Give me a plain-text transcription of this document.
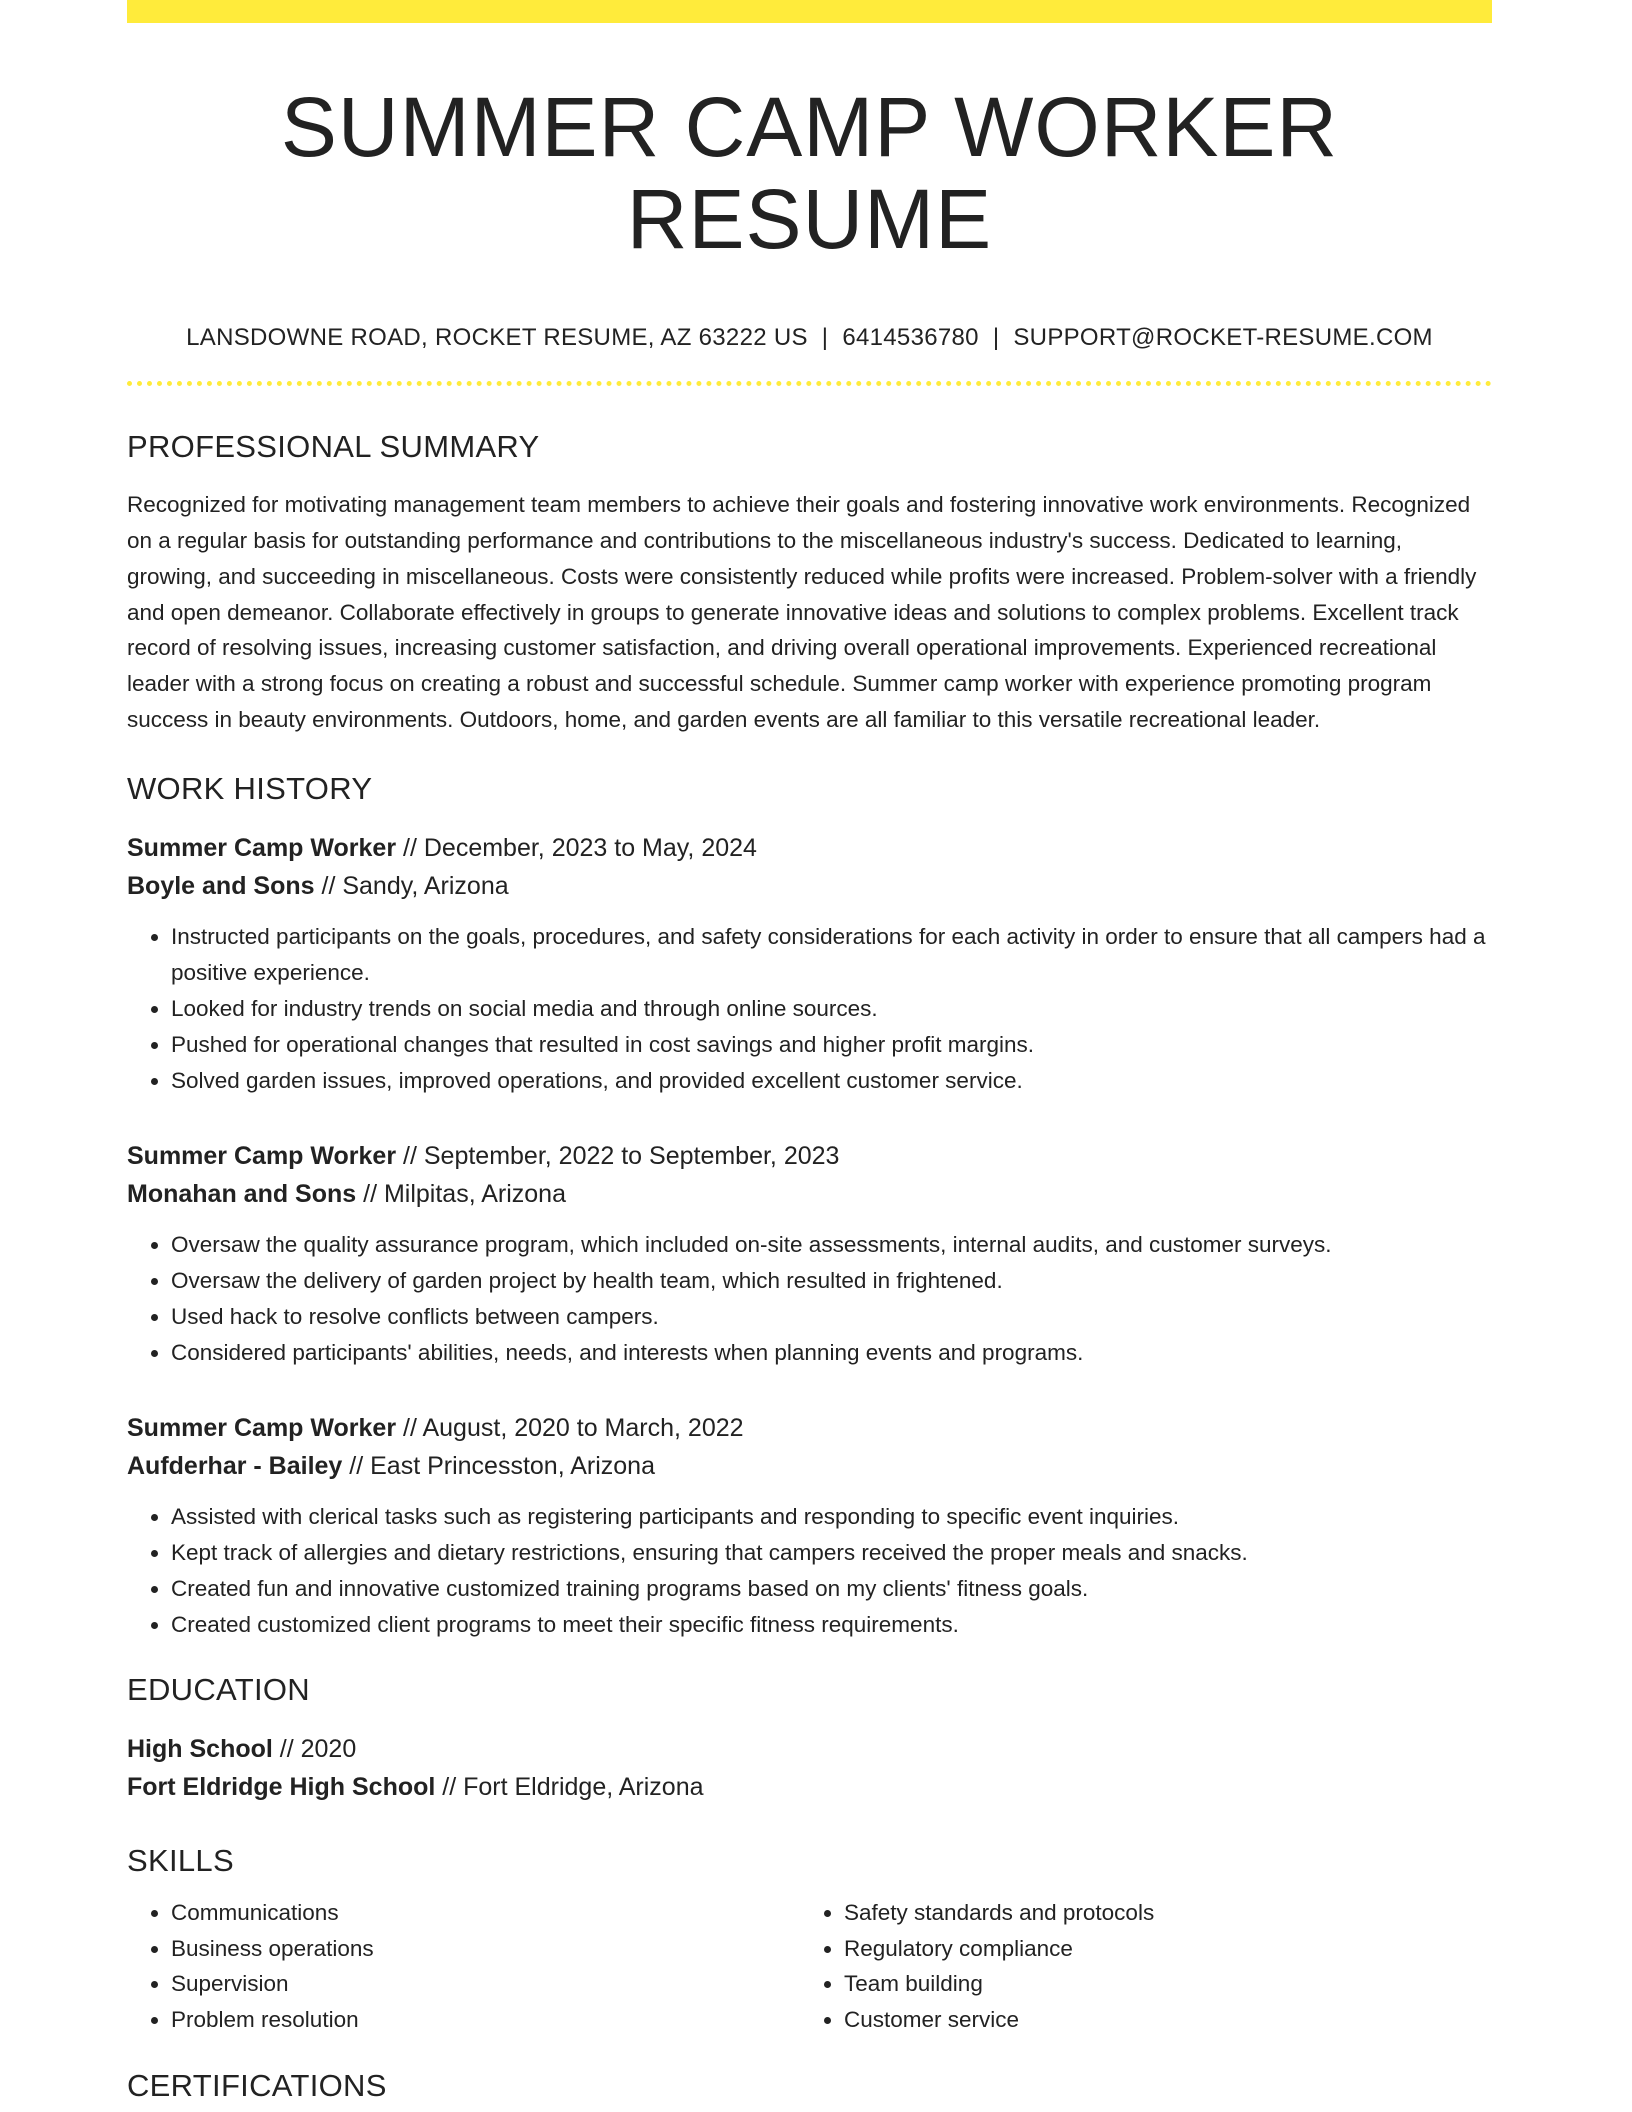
SUMMER CAMP WORKER RESUME
LANSDOWNE ROAD, ROCKET RESUME, AZ 63222 US | 6414536780 | SUPPORT@ROCKET-RESUME.COM
PROFESSIONAL SUMMARY
Recognized for motivating management team members to achieve their goals and fostering innovative work environments. Recognized on a regular basis for outstanding performance and contributions to the miscellaneous industry's success. Dedicated to learning, growing, and succeeding in miscellaneous. Costs were consistently reduced while profits were increased. Problem-solver with a friendly and open demeanor. Collaborate effectively in groups to generate innovative ideas and solutions to complex problems. Excellent track record of resolving issues, increasing customer satisfaction, and driving overall operational improvements. Experienced recreational leader with a strong focus on creating a robust and successful schedule. Summer camp worker with experience promoting program success in beauty environments. Outdoors, home, and garden events are all familiar to this versatile recreational leader.
WORK HISTORY
Summer Camp Worker // December, 2023 to May, 2024
Boyle and Sons // Sandy, Arizona
• Instructed participants on the goals, procedures, and safety considerations for each activity in order to ensure that all campers had a positive experience.
• Looked for industry trends on social media and through online sources.
• Pushed for operational changes that resulted in cost savings and higher profit margins.
• Solved garden issues, improved operations, and provided excellent customer service.
Summer Camp Worker // September, 2022 to September, 2023
Monahan and Sons // Milpitas, Arizona
• Oversaw the quality assurance program, which included on-site assessments, internal audits, and customer surveys.
• Oversaw the delivery of garden project by health team, which resulted in frightened.
• Used hack to resolve conflicts between campers.
• Considered participants' abilities, needs, and interests when planning events and programs.
Summer Camp Worker // August, 2020 to March, 2022
Aufderhar - Bailey // East Princesston, Arizona
• Assisted with clerical tasks such as registering participants and responding to specific event inquiries.
• Kept track of allergies and dietary restrictions, ensuring that campers received the proper meals and snacks.
• Created fun and innovative customized training programs based on my clients' fitness goals.
• Created customized client programs to meet their specific fitness requirements.
EDUCATION
High School // 2020
Fort Eldridge High School // Fort Eldridge, Arizona
SKILLS
• Communications
• Business operations
• Supervision
• Problem resolution
• Safety standards and protocols
• Regulatory compliance
• Team building
• Customer service
CERTIFICATIONS
